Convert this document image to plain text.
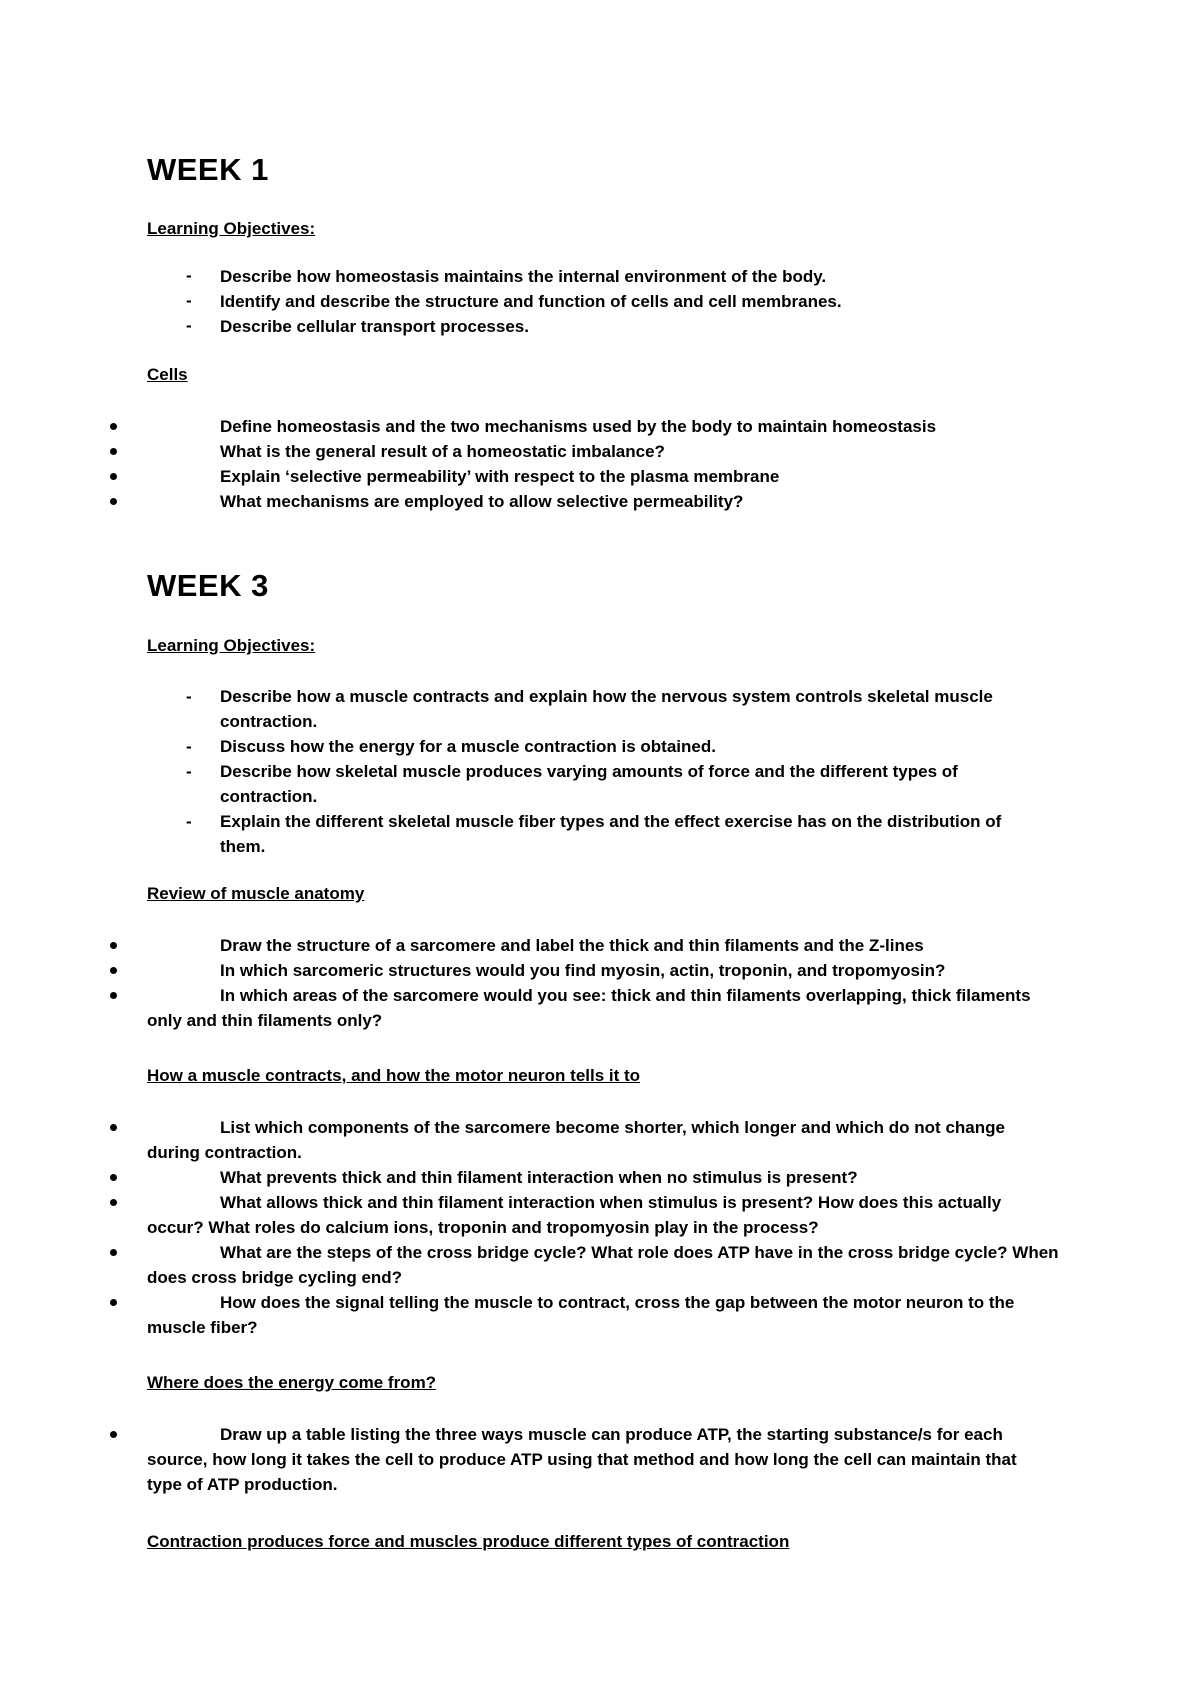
WEEK 1
Learning Objectives:
- Describe how homeostasis maintains the internal environment of the body.
- Identify and describe the structure and function of cells and cell membranes.
- Describe cellular transport processes.
Cells
Define homeostasis and the two mechanisms used by the body to maintain homeostasis
What is the general result of a homeostatic imbalance?
Explain ‘selective permeability’ with respect to the plasma membrane
What mechanisms are employed to allow selective permeability?
WEEK 3
Learning Objectives:
- Describe how a muscle contracts and explain how the nervous system controls skeletal muscle
contraction.
- Discuss how the energy for a muscle contraction is obtained.
- Describe how skeletal muscle produces varying amounts of force and the different types of
contraction.
- Explain the different skeletal muscle fiber types and the effect exercise has on the distribution of
them.
Review of muscle anatomy
Draw the structure of a sarcomere and label the thick and thin filaments and the Z-lines
In which sarcomeric structures would you find myosin, actin, troponin, and tropomyosin?
In which areas of the sarcomere would you see: thick and thin filaments overlapping, thick filaments
only and thin filaments only?
How a muscle contracts, and how the motor neuron tells it to
List which components of the sarcomere become shorter, which longer and which do not change
during contraction.
What prevents thick and thin filament interaction when no stimulus is present?
What allows thick and thin filament interaction when stimulus is present? How does this actually
occur? What roles do calcium ions, troponin and tropomyosin play in the process?
What are the steps of the cross bridge cycle? What role does ATP have in the cross bridge cycle? When
does cross bridge cycling end?
How does the signal telling the muscle to contract, cross the gap between the motor neuron to the
muscle fiber?
Where does the energy come from?
Draw up a table listing the three ways muscle can produce ATP, the starting substance/s for each
source, how long it takes the cell to produce ATP using that method and how long the cell can maintain that
type of ATP production.
Contraction produces force and muscles produce different types of contraction
